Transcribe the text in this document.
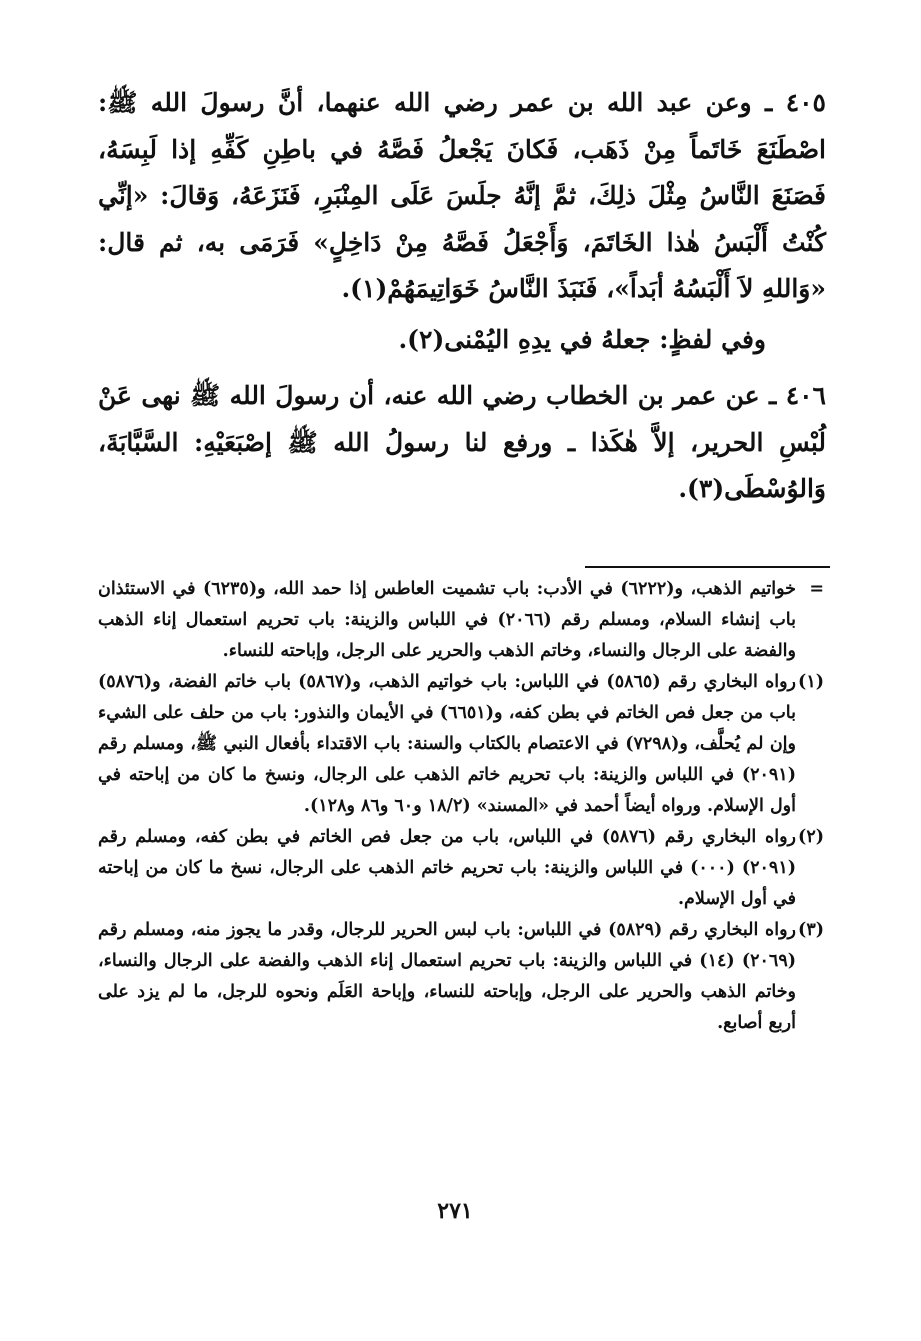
٤٠٥ ـ وعن عبد الله بن عمر رضي الله عنهما، أنَّ رسولَ الله ﷺ: اصْطَنَعَ خَاتَماً مِنْ ذَهَب، فَكانَ يَجْعلُ فَصَّهُ في باطِنِ كَفِّهِ إذا لَبِسَهُ، فَصَنَعَ النَّاسُ مِثْلَ ذلِكَ، ثمَّ إنَّهُ جلَسَ عَلَى المِنْبَرِ، فَنَزَعَهُ، وَقالَ: «إنِّي كُنْتُ أَلْبَسُ هٰذا الخَاتَمَ، وَأَجْعَلُ فَصَّهُ مِنْ دَاخِلٍ» فَرَمَى به، ثم قال: «وَاللهِ لاَ أَلْبَسُهُ أبَداً»، فَنَبَذَ النَّاسُ خَوَاتِيمَهُمْ(١).

وفي لفظٍ: جعلهُ في يدِهِ اليُمْنى(٢).

٤٠٦ ـ عن عمر بن الخطاب رضي الله عنه، أن رسولَ الله ﷺ نهى عَنْ لُبْسِ الحرير، إلاَّ هٰكَذا ـ ورفع لنا رسولُ الله ﷺ إصْبَعَيْهِ: السَّبَّابَةَ، وَالوُسْطَى(٣).

=
خواتيم الذهب، و(٦٢٢٢) في الأدب: باب تشميت العاطس إذا حمد الله، و(٦٢٣٥) في الاستئذان باب إنشاء السلام، ومسلم رقم (٢٠٦٦) في اللباس والزينة: باب تحريم استعمال إناء الذهب والفضة على الرجال والنساء، وخاتم الذهب والحرير على الرجل، وإباحته للنساء.
(١)
رواه البخاري رقم (٥٨٦٥) في اللباس: باب خواتيم الذهب، و(٥٨٦٧) باب خاتم الفضة، و(٥٨٧٦) باب من جعل فص الخاتم في بطن كفه، و(٦٦٥١) في الأيمان والنذور: باب من حلف على الشيء وإن لم يُحلَّف، و(٧٢٩٨) في الاعتصام بالكتاب والسنة: باب الاقتداء بأفعال النبي ﷺ، ومسلم رقم (٢٠٩١) في اللباس والزينة: باب تحريم خاتم الذهب على الرجال، ونسخ ما كان من إباحته في أول الإسلام. ورواه أيضاً أحمد في «المسند» (١٨/٢ و٦٠ و٨٦ و١٢٨).
(٢)
رواه البخاري رقم (٥٨٧٦) في اللباس، باب من جعل فص الخاتم في بطن كفه، ومسلم رقم (٢٠٩١) (٠٠٠) في اللباس والزينة: باب تحريم خاتم الذهب على الرجال، نسخ ما كان من إباحته في أول الإسلام.
(٣)
رواه البخاري رقم (٥٨٢٩) في اللباس: باب لبس الحرير للرجال، وقدر ما يجوز منه، ومسلم رقم (٢٠٦٩) (١٤) في اللباس والزينة: باب تحريم استعمال إناء الذهب والفضة على الرجال والنساء، وخاتم الذهب والحرير على الرجل، وإباحته للنساء، وإباحة العَلَم ونحوه للرجل، ما لم يزد على أربع أصابع.
٢٧١
